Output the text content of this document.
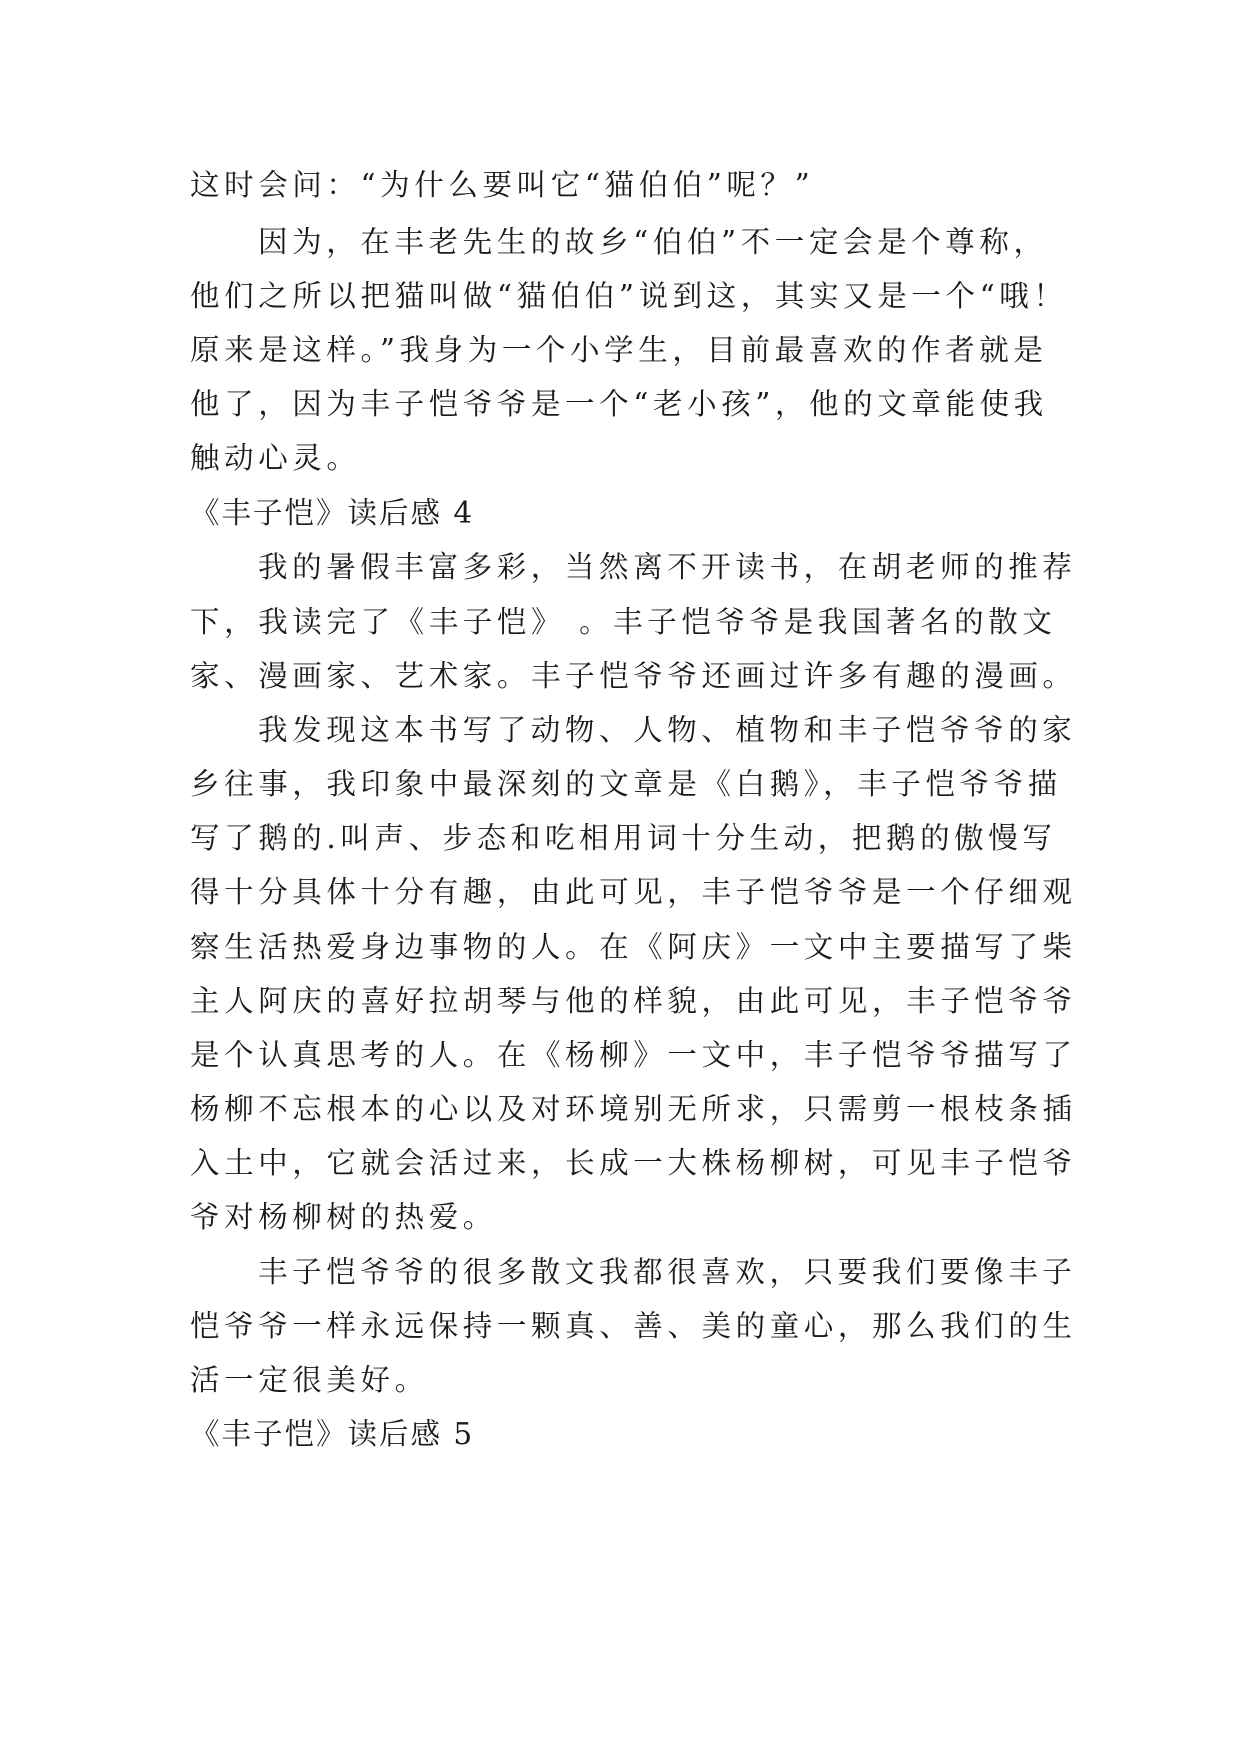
这时会问：“为什么要叫它“猫伯伯”呢？”

因为，在丰老先生的故乡“伯伯”不一定会是个尊称，

他们之所以把猫叫做“猫伯伯”说到这，其实又是一个“哦！

原来是这样。”我身为一个小学生，目前最喜欢的作者就是

他了，因为丰子恺爷爷是一个“老小孩”，他的文章能使我

触动心灵。

《丰子恺》读后感 4

我的暑假丰富多彩，当然离不开读书，在胡老师的推荐

下，我读完了《丰子恺》 。丰子恺爷爷是我国著名的散文

家、漫画家、艺术家。丰子恺爷爷还画过许多有趣的漫画。

我发现这本书写了动物、人物、植物和丰子恺爷爷的家

乡往事，我印象中最深刻的文章是《白鹅》，丰子恺爷爷描

写了鹅的.叫声、步态和吃相用词十分生动，把鹅的傲慢写

得十分具体十分有趣，由此可见，丰子恺爷爷是一个仔细观

察生活热爱身边事物的人。在《阿庆》一文中主要描写了柴

主人阿庆的喜好拉胡琴与他的样貌，由此可见，丰子恺爷爷

是个认真思考的人。在《杨柳》一文中，丰子恺爷爷描写了

杨柳不忘根本的心以及对环境别无所求，只需剪一根枝条插

入土中，它就会活过来，长成一大株杨柳树，可见丰子恺爷

爷对杨柳树的热爱。

丰子恺爷爷的很多散文我都很喜欢，只要我们要像丰子

恺爷爷一样永远保持一颗真、善、美的童心，那么我们的生

活一定很美好。

《丰子恺》读后感 5
